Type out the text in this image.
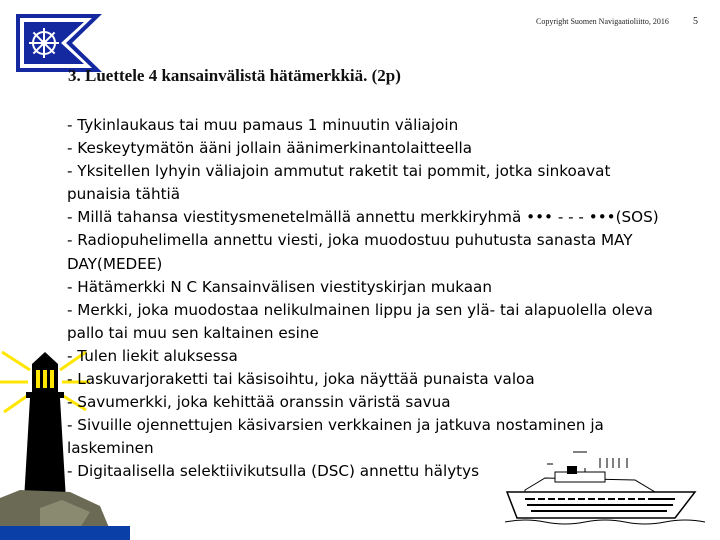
Copyright Suomen Navigaatioliitto, 2016 5
3. Luettele 4 kansainvälistä hätämerkkiä. (2p)
- Tykinlaukaus tai muu pamaus 1 minuutin väliajoin
- Keskeytymätön ääni jollain äänimerkinantolaitteella
- Yksitellen lyhyin väliajoin ammutut raketit tai pommit, jotka sinkoavat
punaisia tähtiä
- Millä tahansa viestitysmenetelmällä annettu merkkiryhmä ••• - - - •••(SOS)
- Radiopuhelimella annettu viesti, joka muodostuu puhutusta sanasta MAY
DAY(MEDEE)
- Hätämerkki N C Kansainvälisen viestityskirjan mukaan
- Merkki, joka muodostaa nelikulmainen lippu ja sen ylä- tai alapuolella oleva
pallo tai muu sen kaltainen esine
- Tulen liekit aluksessa
- Laskuvarjoraketti tai käsisoihtu, joka näyttää punaista valoa
- Savumerkki, joka kehittää oranssin väristä savua
- Sivuille ojennettujen käsivarsien verkkainen ja jatkuva nostaminen ja
laskeminen
- Digitaalisella selektiivikutsulla (DSC) annettu hälytys
